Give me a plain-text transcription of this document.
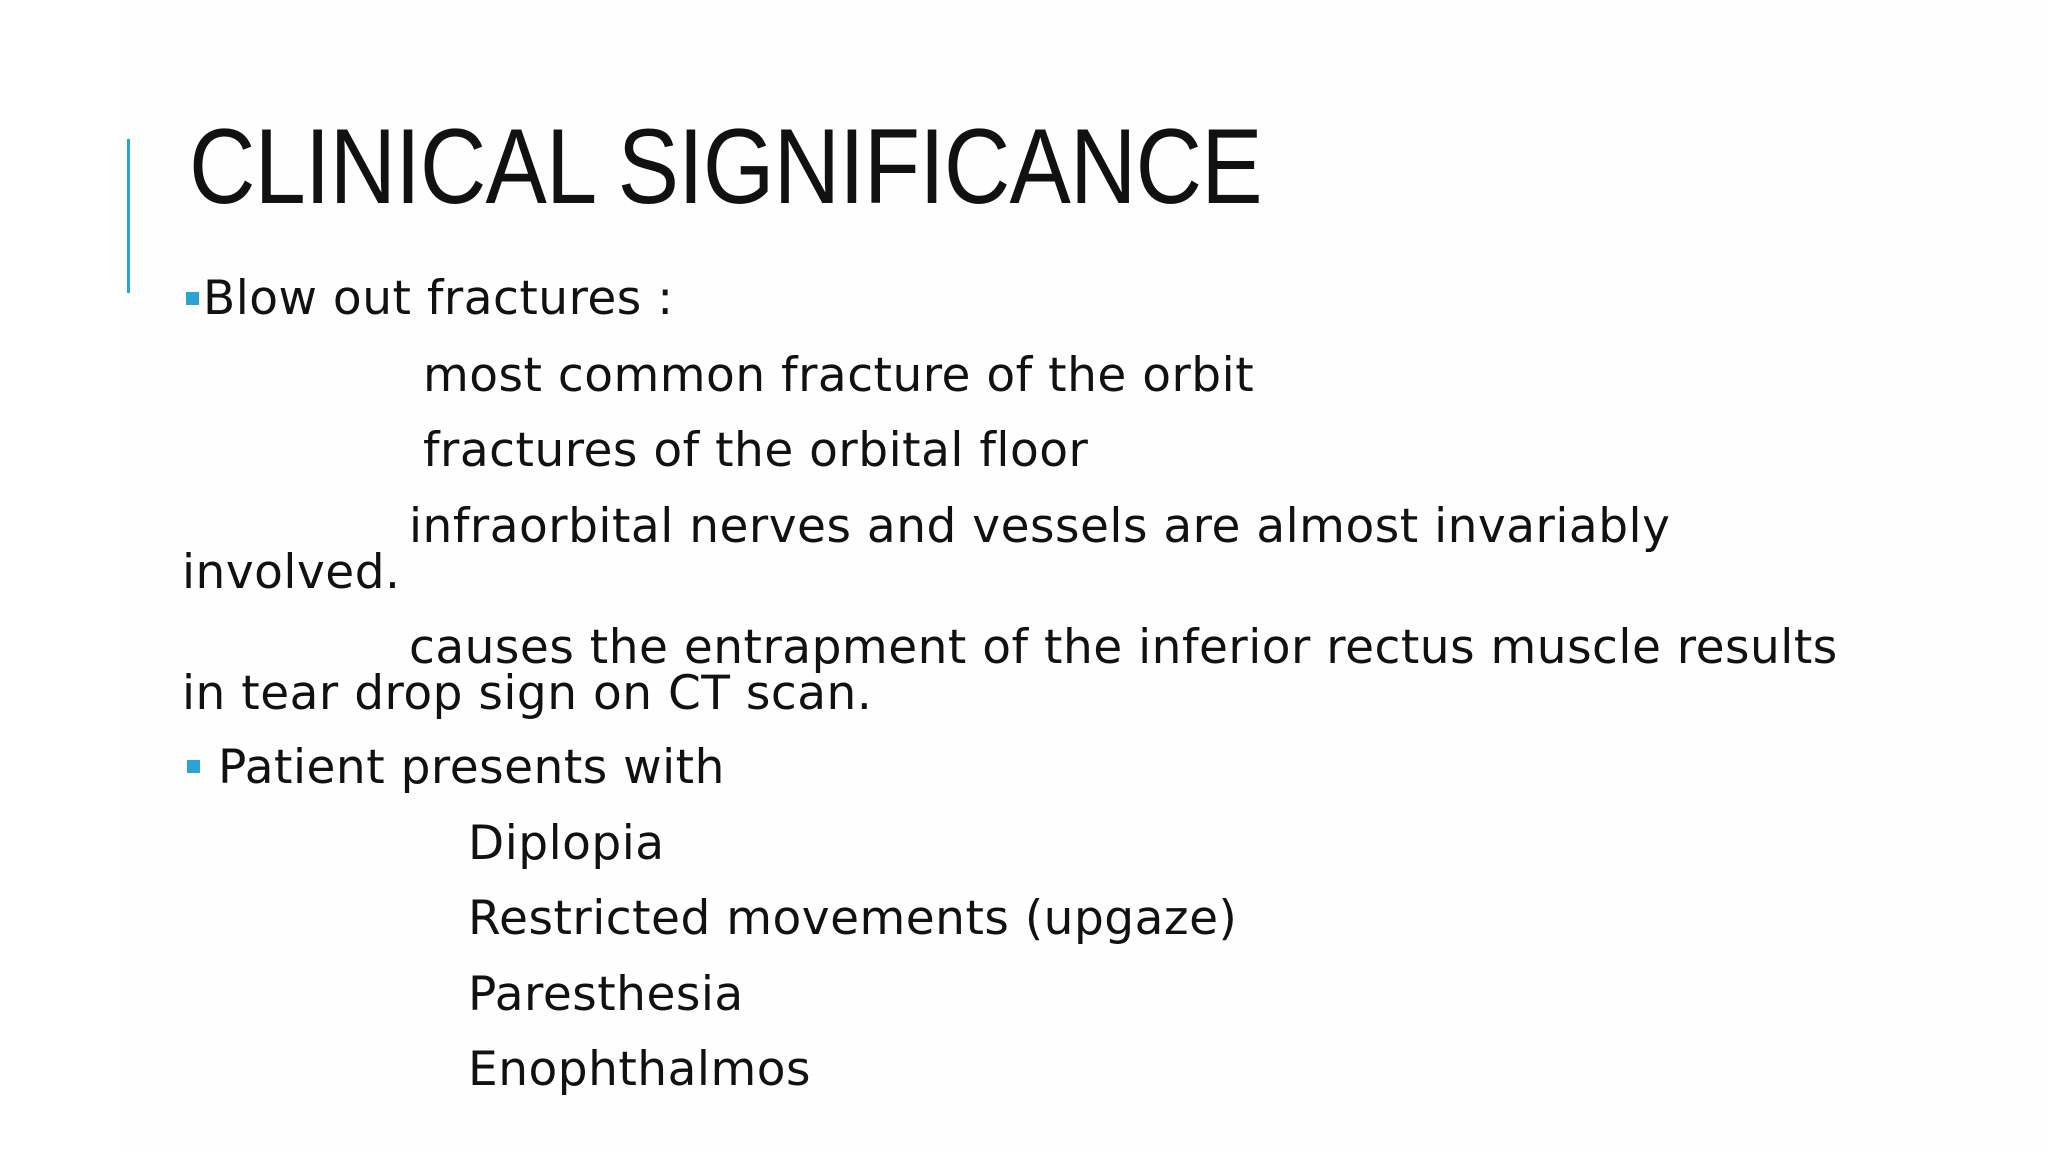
CLINICAL SIGNIFICANCE
Blow out fractures :
most common fracture of the orbit
fractures of the orbital floor
infraorbital nerves and vessels are almost invariably
involved.
causes the entrapment of the inferior rectus muscle results
in tear drop sign on CT scan.
Patient presents with
Diplopia
Restricted movements (upgaze)
Paresthesia
Enophthalmos
